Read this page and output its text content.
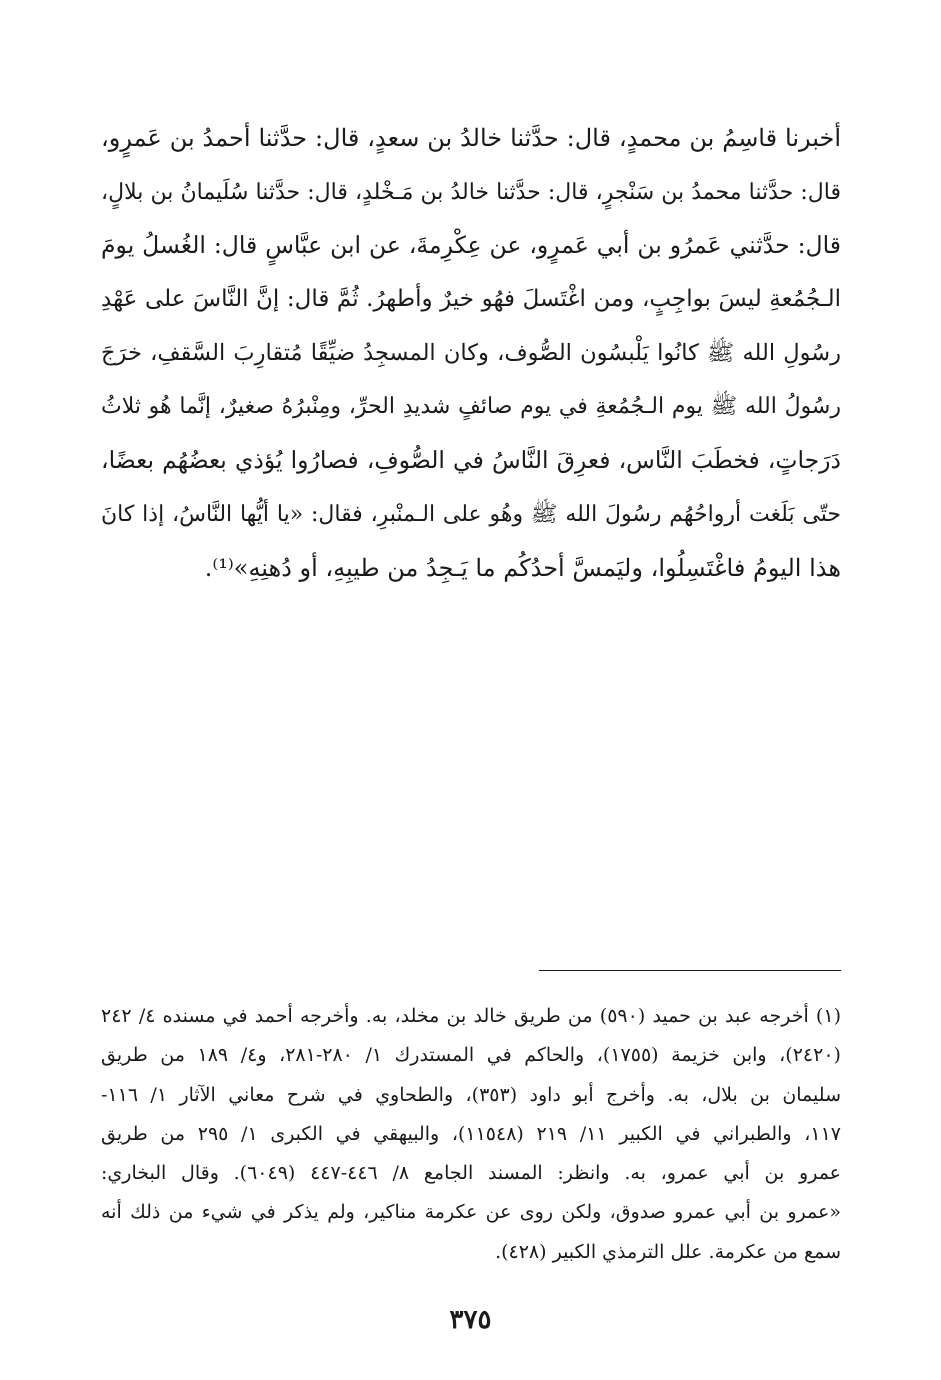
أخبرنا قاسِمُ بن محمدٍ، قال: حدَّثنا خالدُ بن سعدٍ، قال: حدَّثنا أحمدُ بن عَمرٍو،
قال: حدَّثنا محمدُ بن سَنْجرٍ، قال: حدَّثنا خالدُ بن مَـخْلدٍ، قال: حدَّثنا سُلَيمانُ بن بلالٍ،
قال: حدَّثني عَمرُو بن أبي عَمرٍو، عن عِكْرِمةَ، عن ابن عبَّاسٍ قال: الغُسلُ يومَ
الـجُمُعةِ ليسَ بواجِبٍ، ومن اغْتَسلَ فهُو خيرٌ وأطهرُ. ثُمَّ قال: إنَّ النَّاسَ على عَهْدِ
رسُولِ الله ﷺ كانُوا يَلْبسُون الصُّوف، وكان المسجِدُ ضيِّقًا مُتقارِبَ السَّقفِ، خرَجَ
رسُولُ الله ﷺ يوم الـجُمُعةِ في يوم صائفٍ شديدِ الحرِّ، ومِنْبرُهُ صغيرٌ، إنَّما هُو ثلاثُ
دَرَجاتٍ، فخطَبَ النَّاس، فعرِقَ النَّاسُ في الصُّوفِ، فصارُوا يُؤذي بعضُهُم بعضًا،
حتّى بَلَغت أرواحُهُم رسُولَ الله ﷺ وهُو على الـمنْبرِ، فقال: «يا أيُّها النَّاسُ، إذا كانَ
هذا اليومُ فاغْتَسِلُوا، وليَمسَّ أحدُكُم ما يَـجِدُ من طيبِهِ، أو دُهنِهِ»⁽¹⁾.
(١) أخرجه عبد بن حميد (٥٩٠) من طريق خالد بن مخلد، به. وأخرجه أحمد في مسنده ٤/ ٢٤٢
(٢٤٢٠)، وابن خزيمة (١٧٥٥)، والحاكم في المستدرك ١/ ٢٨٠-٢٨١، و٤/ ١٨٩ من طريق
سليمان بن بلال، به. وأخرج أبو داود (٣٥٣)، والطحاوي في شرح معاني الآثار ١/ ١١٦-
١١٧، والطبراني في الكبير ١١/ ٢١٩ (١١٥٤٨)، والبيهقي في الكبرى ١/ ٢٩٥ من طريق
عمرو بن أبي عمرو، به. وانظر: المسند الجامع ٨/ ٤٤٦-٤٤٧ (٦٠٤٩). وقال البخاري:
«عمرو بن أبي عمرو صدوق، ولكن روى عن عكرمة مناكير، ولم يذكر في شيء من ذلك أنه
سمع من عكرمة. علل الترمذي الكبير (٤٢٨).
٣٧٥
